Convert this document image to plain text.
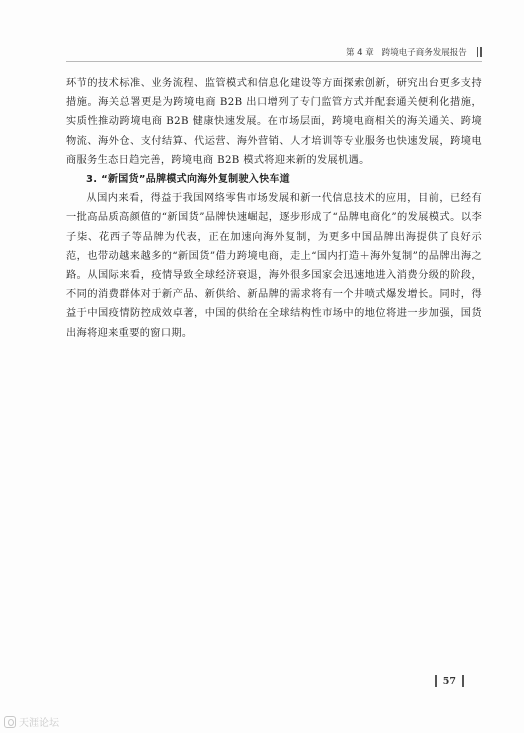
第 4 章 跨境电子商务发展报告

环节的技术标准、业务流程、监管模式和信息化建设等方面探索创新，研究出台更多支持措施。海关总署更是为跨境电商 B2B 出口增列了专门监管方式并配套通关便利化措施，实质性推动跨境电商 B2B 健康快速发展。在市场层面，跨境电商相关的海关通关、跨境物流、海外仓、支付结算、代运营、海外营销、人才培训等专业服务也快速发展，跨境电商服务生态日趋完善，跨境电商 B2B 模式将迎来新的发展机遇。

3. “新国货”品牌模式向海外复制驶入快车道

从国内来看，得益于我国网络零售市场发展和新一代信息技术的应用，目前，已经有一批高品质高颜值的“新国货”品牌快速崛起，逐步形成了“品牌电商化”的发展模式。以李子柒、花西子等品牌为代表，正在加速向海外复制，为更多中国品牌出海提供了良好示范，也带动越来越多的“新国货”借力跨境电商，走上“国内打造＋海外复制”的品牌出海之路。从国际来看，疫情导致全球经济衰退，海外很多国家会迅速地进入消费分级的阶段，不同的消费群体对于新产品、新供给、新品牌的需求将有一个井喷式爆发增长。同时，得益于中国疫情防控成效卓著，中国的供给在全球结构性市场中的地位将进一步加强，国货出海将迎来重要的窗口期。

57
天涯论坛
